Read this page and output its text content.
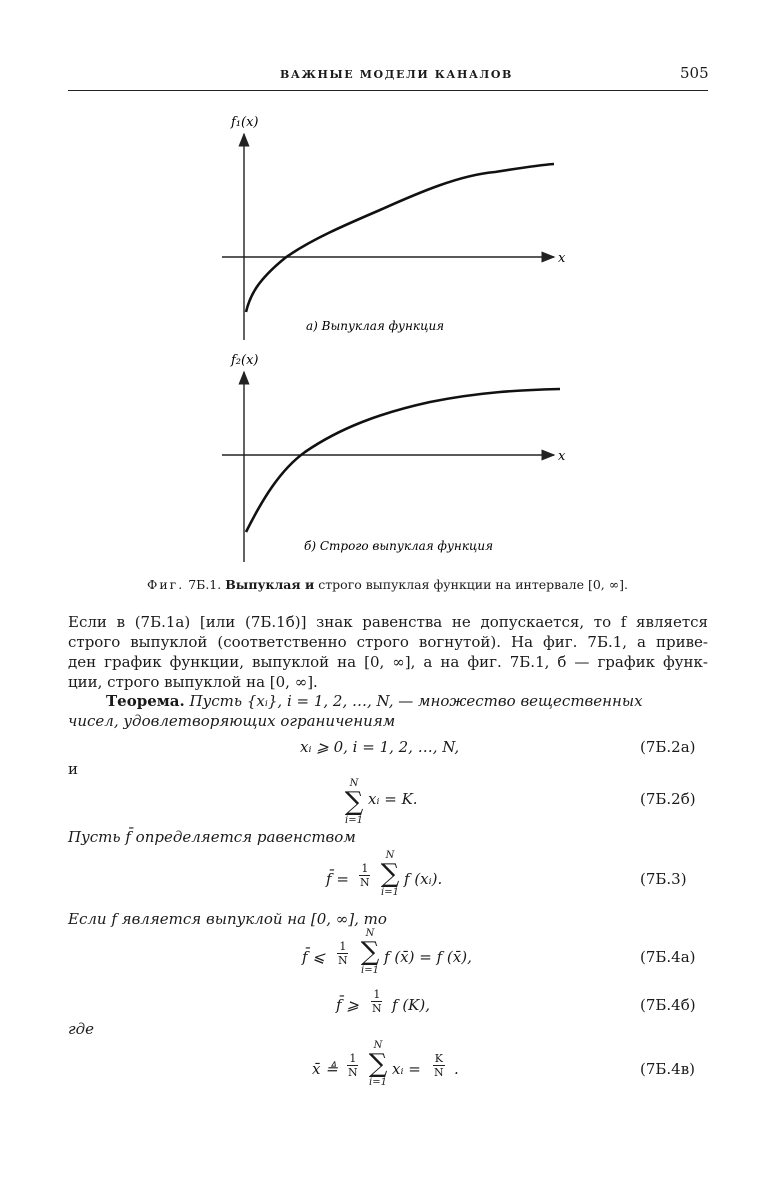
ВАЖНЫЕ МОДЕЛИ КАНАЛОВ	505
f₁(x)
x
а) Выпуклая функция
f₂(x)
x
б) Строго выпуклая функция
Фиг. 7Б.1. Выпуклая и строго выпуклая функции на интервале [0, ∞].
Если в (7Б.1а) [или (7Б.1б)] знак равенства не допускается, то f является
строго выпуклой (соответственно строго вогнутой). На фиг. 7Б.1, а приве-
ден график функции, выпуклой на [0, ∞], а на фиг. 7Б.1, б — график функ-
ции, строго выпуклой на [0, ∞].
Теорема. Пусть {xᵢ}, i = 1, 2, …, N, — множество вещественных
чисел, удовлетворяющих ограничениям
xᵢ ⩾ 0, i = 1, 2, …, N,	(7Б.2а)
и
N
∑
i=1
xᵢ = K.	(7Б.2б)
Пусть f̄ определяется равенством
f̄ = $\frac{1}{N}$
N
∑
i=1
f (xᵢ).	(7Б.3)
Если f является выпуклой на [0, ∞], то
f̄ ⩽ $\frac{1}{N}$
N
∑
i=1
f (x̄) = f (x̄),	(7Б.4а)
f̄ ⩾ $\frac{1}{N}$ f (K),	(7Б.4б)
где
x̄ ≜ $\frac{1}{N}$
N
∑
i=1
xᵢ = $\frac{K}{N}$ .	(7Б.4в)
